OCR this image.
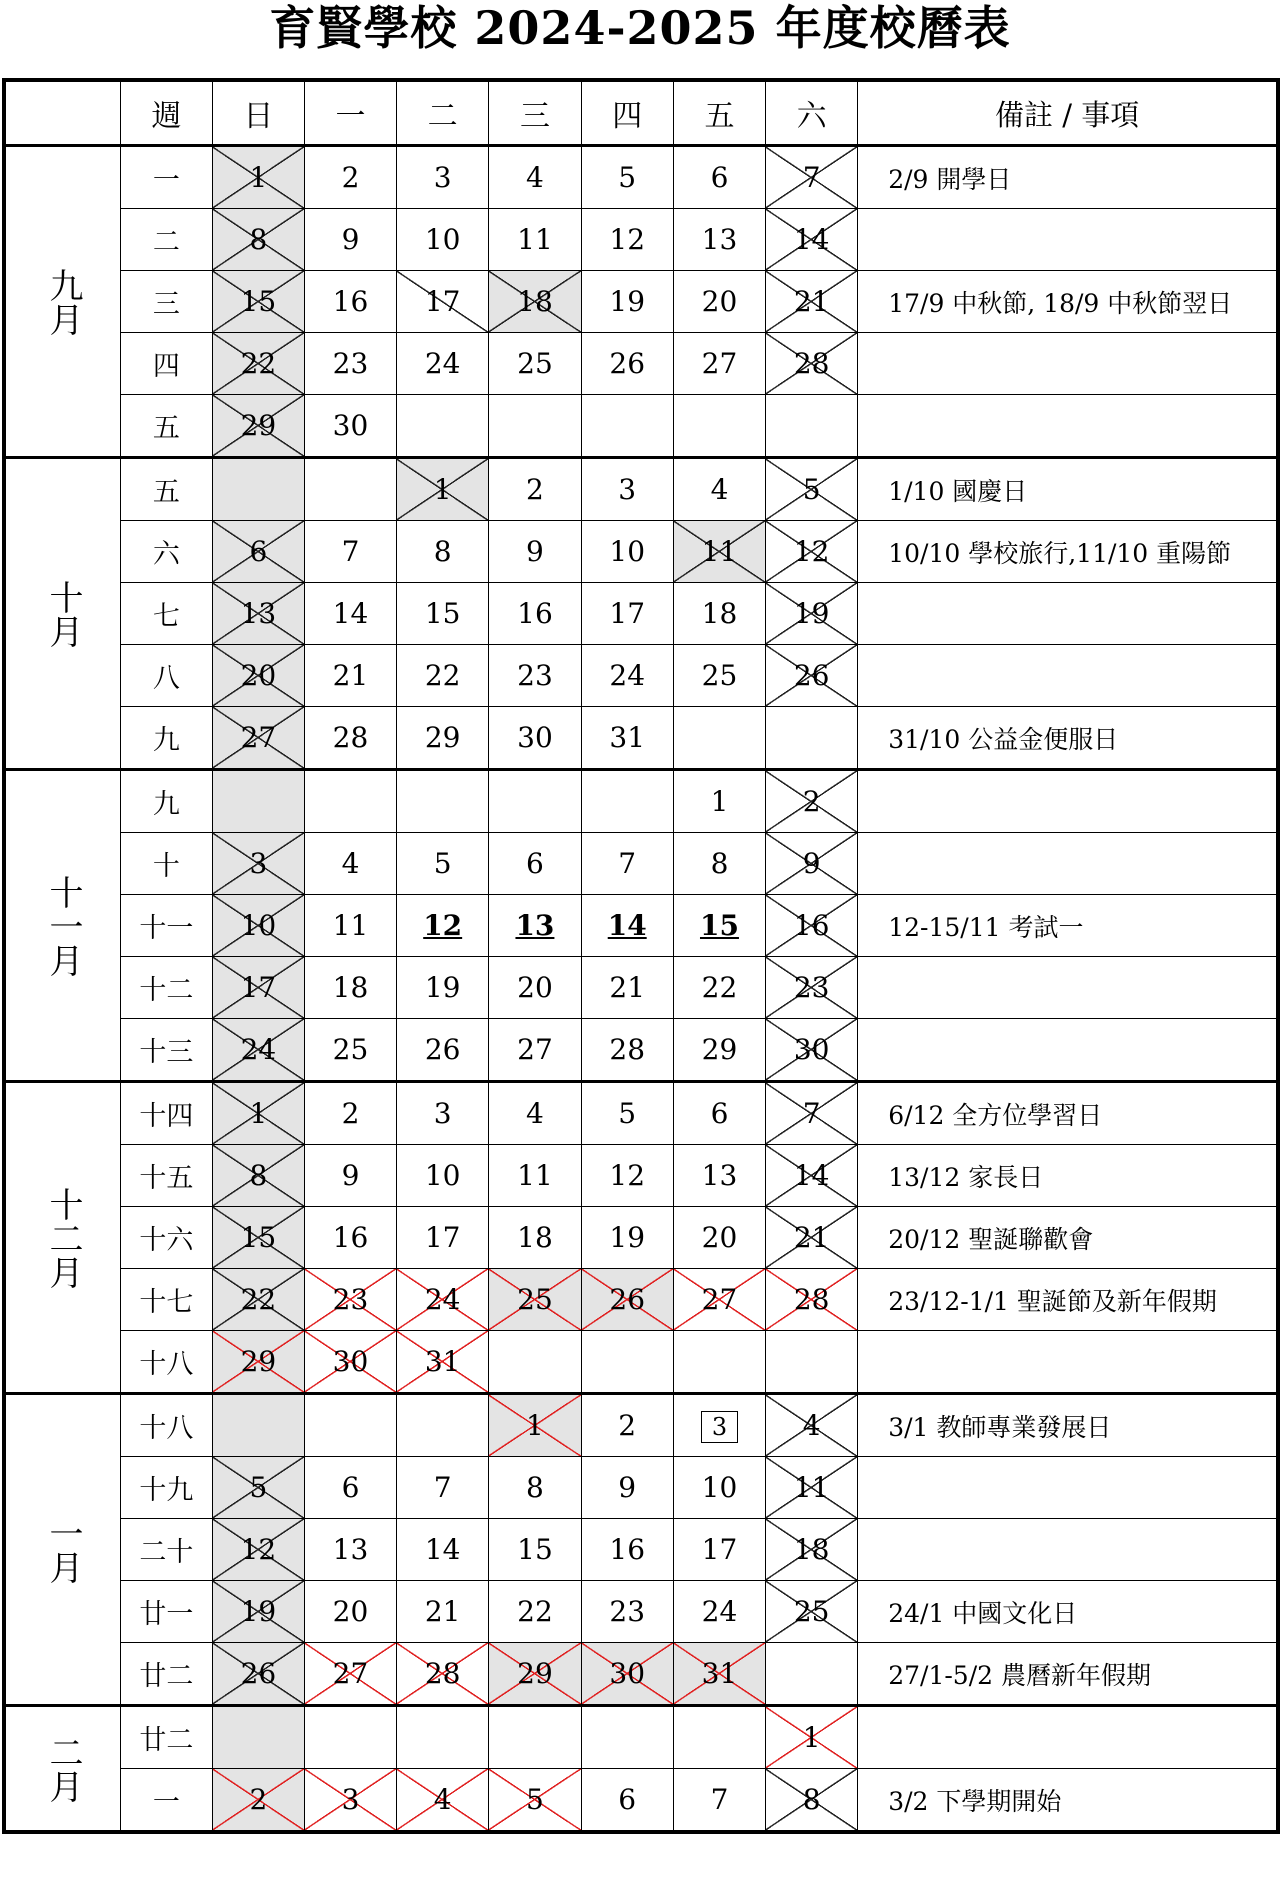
育賢學校 2024-2025 年度校曆表
	週	日	一	二	三	四	五	六	備註 / 事項
九月	一	1	2	3	4	5	6	7	2/9 開學日
	二	8	9	10	11	12	13	14	
	三	15	16	17	18	19	20	21	17/9 中秋節, 18/9 中秋節翌日
	四	22	23	24	25	26	27	28	
	五	29	30						
十月	五			1	2	3	4	5	1/10 國慶日
	六	6	7	8	9	10	11	12	10/10 學校旅行,11/10 重陽節
	七	13	14	15	16	17	18	19	
	八	20	21	22	23	24	25	26	
	九	27	28	29	30	31			31/10 公益金便服日
十一月	九						1	2	
	十	3	4	5	6	7	8	9	
	十一	10	11	12	13	14	15	16	12-15/11 考試一
	十二	17	18	19	20	21	22	23	
	十三	24	25	26	27	28	29	30	
十二月	十四	1	2	3	4	5	6	7	6/12 全方位學習日
	十五	8	9	10	11	12	13	14	13/12 家長日
	十六	15	16	17	18	19	20	21	20/12 聖誕聯歡會
	十七	22	23	24	25	26	27	28	23/12-1/1 聖誕節及新年假期
	十八	29	30	31					
一月	十八				1	2	3	4	3/1 教師專業發展日
	十九	5	6	7	8	9	10	11	
	二十	12	13	14	15	16	17	18	
	廿一	19	20	21	22	23	24	25	24/1 中國文化日
	廿二	26	27	28	29	30	31		27/1-5/2 農曆新年假期
二月	廿二							1	
	一	2	3	4	5	6	7	8	3/2 下學期開始
